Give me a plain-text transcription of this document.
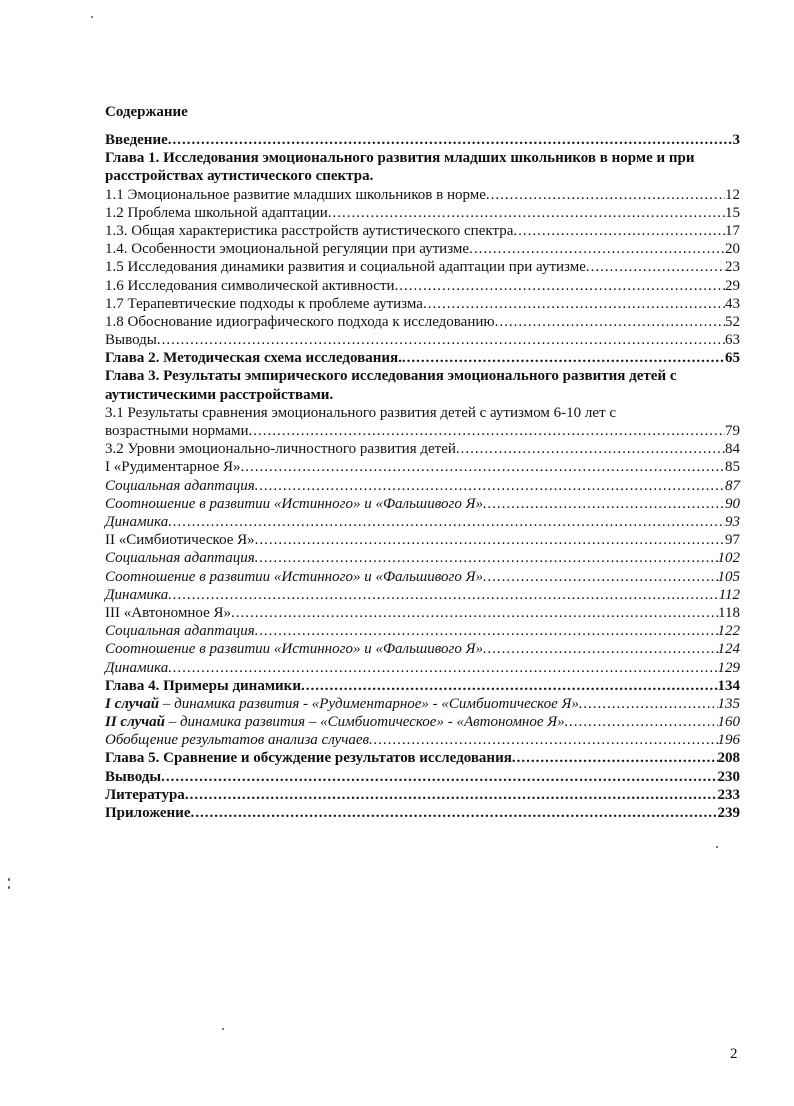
Содержание
Введение .....	3
Глава 1. Исследования эмоционального развития младших школьников в норме и при
расстройствах аутистического спектра.
1.1 Эмоциональное развитие младших школьников в норме .....	12
1.2 Проблема школьной адаптации .....	15
1.3. Общая характеристика расстройств аутистического спектра .....	17
1.4. Особенности эмоциональной регуляции при аутизме .....	20
1.5 Исследования динамики развития и социальной адаптации при аутизме .....	23
1.6 Исследования символической активности .....	29
1.7 Терапевтические подходы к проблеме аутизма .....	43
1.8 Обоснование идиографического подхода к исследованию .....	52
Выводы .....	63
Глава 2. Методическая схема исследования. .....	65
Глава 3. Результаты эмпирического исследования эмоционального развития детей с
аутистическими расстройствами.
3.1 Результаты сравнения эмоционального развития детей с аутизмом 6-10 лет с
возрастными нормами .....	79
3.2 Уровни эмоционально-личностного развития детей .....	84
I «Рудиментарное Я» .....	85
Социальная адаптация .....	87
Соотношение в развитии «Истинного» и «Фальшивого Я» .....	90
Динамика .....	93
II «Симбиотическое Я» .....	97
Социальная адаптация .....	102
Соотношение в развитии «Истинного» и «Фальшивого Я» .....	105
Динамика .....	112
III «Автономное Я» .....	118
Социальная адаптация .....	122
Соотношение в развитии «Истинного» и «Фальшивого Я» .....	124
Динамика .....	129
Глава 4. Примеры динамики .....	134
I случай – динамика развития - «Рудиментарное» - «Симбиотическое Я» .....	135
II случай – динамика развития – «Симбиотическое» - «Автономное Я» .....	160
Обобщение результатов анализа случаев .....	196
Глава 5. Сравнение и обсуждение результатов исследования .....	208
Выводы .....	230
Литература .....	233
Приложение .....	239
2
